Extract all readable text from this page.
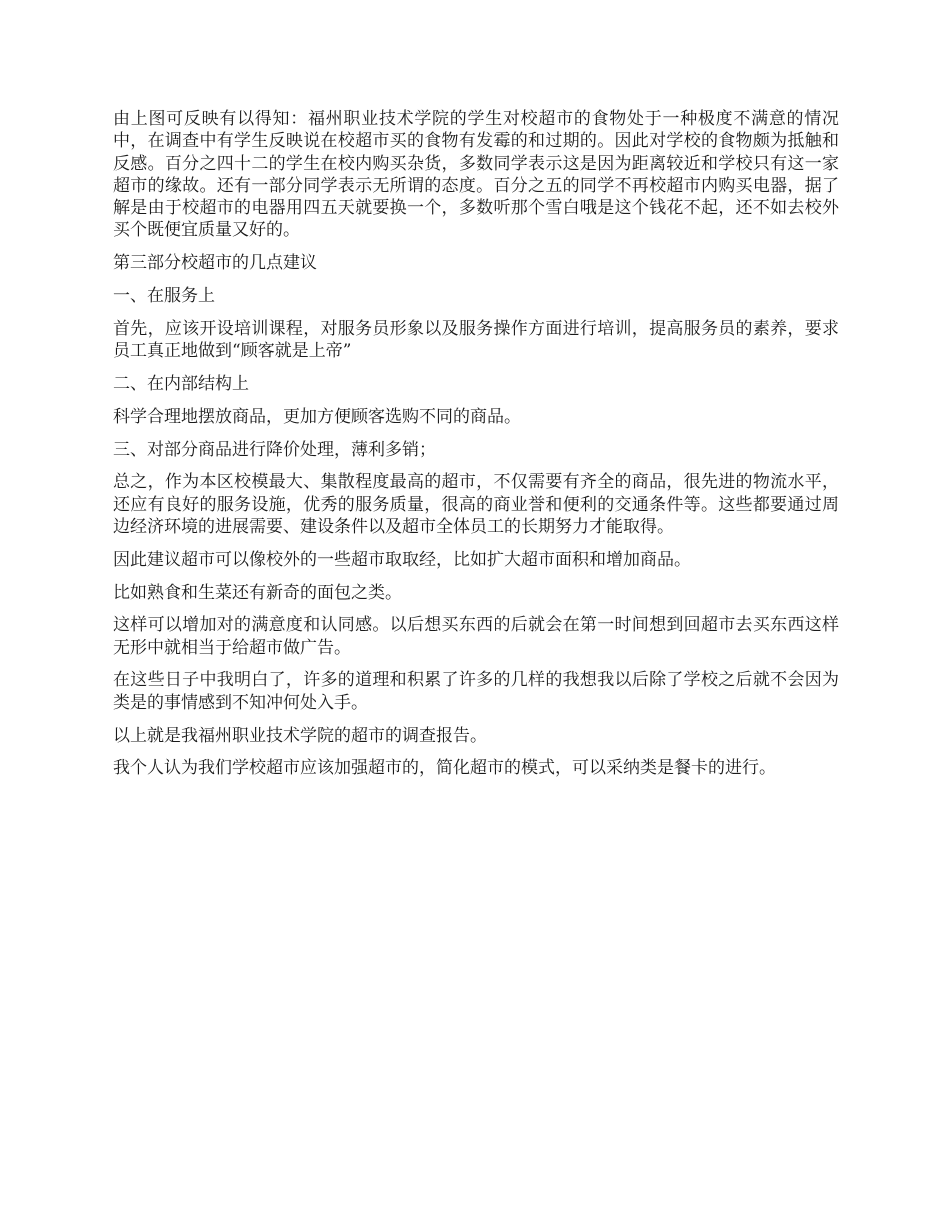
由上图可反映有以得知：福州职业技术学院的学生对校超市的食物处于一种极度不满意的情况中，在调查中有学生反映说在校超市买的食物有发霉的和过期的。因此对学校的食物颇为抵触和反感。百分之四十二的学生在校内购买杂货，多数同学表示这是因为距离较近和学校只有这一家超市的缘故。还有一部分同学表示无所谓的态度。百分之五的同学不再校超市内购买电器，据了解是由于校超市的电器用四五天就要换一个，多数听那个雪白哦是这个钱花不起，还不如去校外买个既便宜质量又好的。

第三部分校超市的几点建议

一、在服务上

首先，应该开设培训课程，对服务员形象以及服务操作方面进行培训，提高服务员的素养，要求员工真正地做到“顾客就是上帝”

二、在内部结构上

科学合理地摆放商品，更加方便顾客选购不同的商品。

三、对部分商品进行降价处理，薄利多销；

总之，作为本区校模最大、集散程度最高的超市，不仅需要有齐全的商品，很先进的物流水平，还应有良好的服务设施，优秀的服务质量，很高的商业誉和便利的交通条件等。这些都要通过周边经济环境的进展需要、建设条件以及超市全体员工的长期努力才能取得。

因此建议超市可以像校外的一些超市取取经，比如扩大超市面积和增加商品。

比如熟食和生菜还有新奇的面包之类。

这样可以增加对的满意度和认同感。以后想买东西的后就会在第一时间想到回超市去买东西这样无形中就相当于给超市做广告。

在这些日子中我明白了，许多的道理和积累了许多的几样的我想我以后除了学校之后就不会因为类是的事情感到不知冲何处入手。

以上就是我福州职业技术学院的超市的调查报告。

我个人认为我们学校超市应该加强超市的，简化超市的模式，可以采纳类是餐卡的进行。
